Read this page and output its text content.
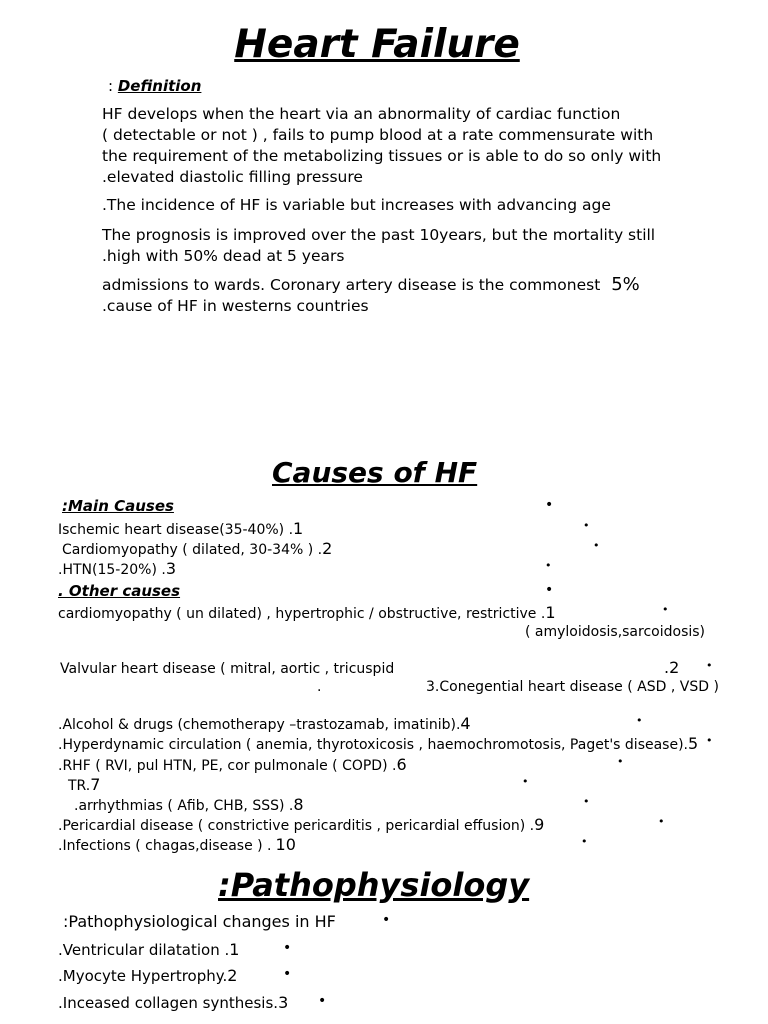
Heart Failure
: Definition
HF develops when the heart via an abnormality of cardiac function
( detectable or not ) , fails to pump blood at a rate commensurate with
the requirement of the metabolizing tissues or is able to do so only with
.elevated diastolic filling pressure
.The incidence of HF is variable but increases with advancing age
The prognosis is improved over the past 10years, but the mortality still
.high with 50% dead at 5 years
admissions to wards. Coronary artery disease is the commonest 5%
.cause of HF in westerns countries
Causes of HF
:Main Causes	•
Ischemic heart disease(35-40%) .1	•
Cardiomyopathy ( dilated, 30-34% ) .2	•
.HTN(15-20%) .3	•
. Other causes	•
cardiomyopathy ( un dilated) , hypertrophic / obstructive, restrictive .1	•
( amyloidosis,sarcoidosis)
Valvular heart disease ( mitral, aortic , tricuspid	.2 •
.	3.Conegential heart disease ( ASD , VSD )
.Alcohol & drugs (chemotherapy –trastozamab, imatinib).4	•
.Hyperdynamic circulation ( anemia, thyrotoxicosis , haemochromotosis, Paget's disease).5 •
.RHF ( RVI, pul HTN, PE, cor pulmonale ( COPD) .6	•
TR.7	•
.arrhythmias ( Afib, CHB, SSS) .8	•
.Pericardial disease ( constrictive pericarditis , pericardial effusion) .9	•
.Infections ( chagas,disease ) . 10	•
:Pathophysiology
:Pathophysiological changes in HF	•
.Ventricular dilatation .1	•
.Myocyte Hypertrophy.2	•
.Inceased collagen synthesis.3 •
